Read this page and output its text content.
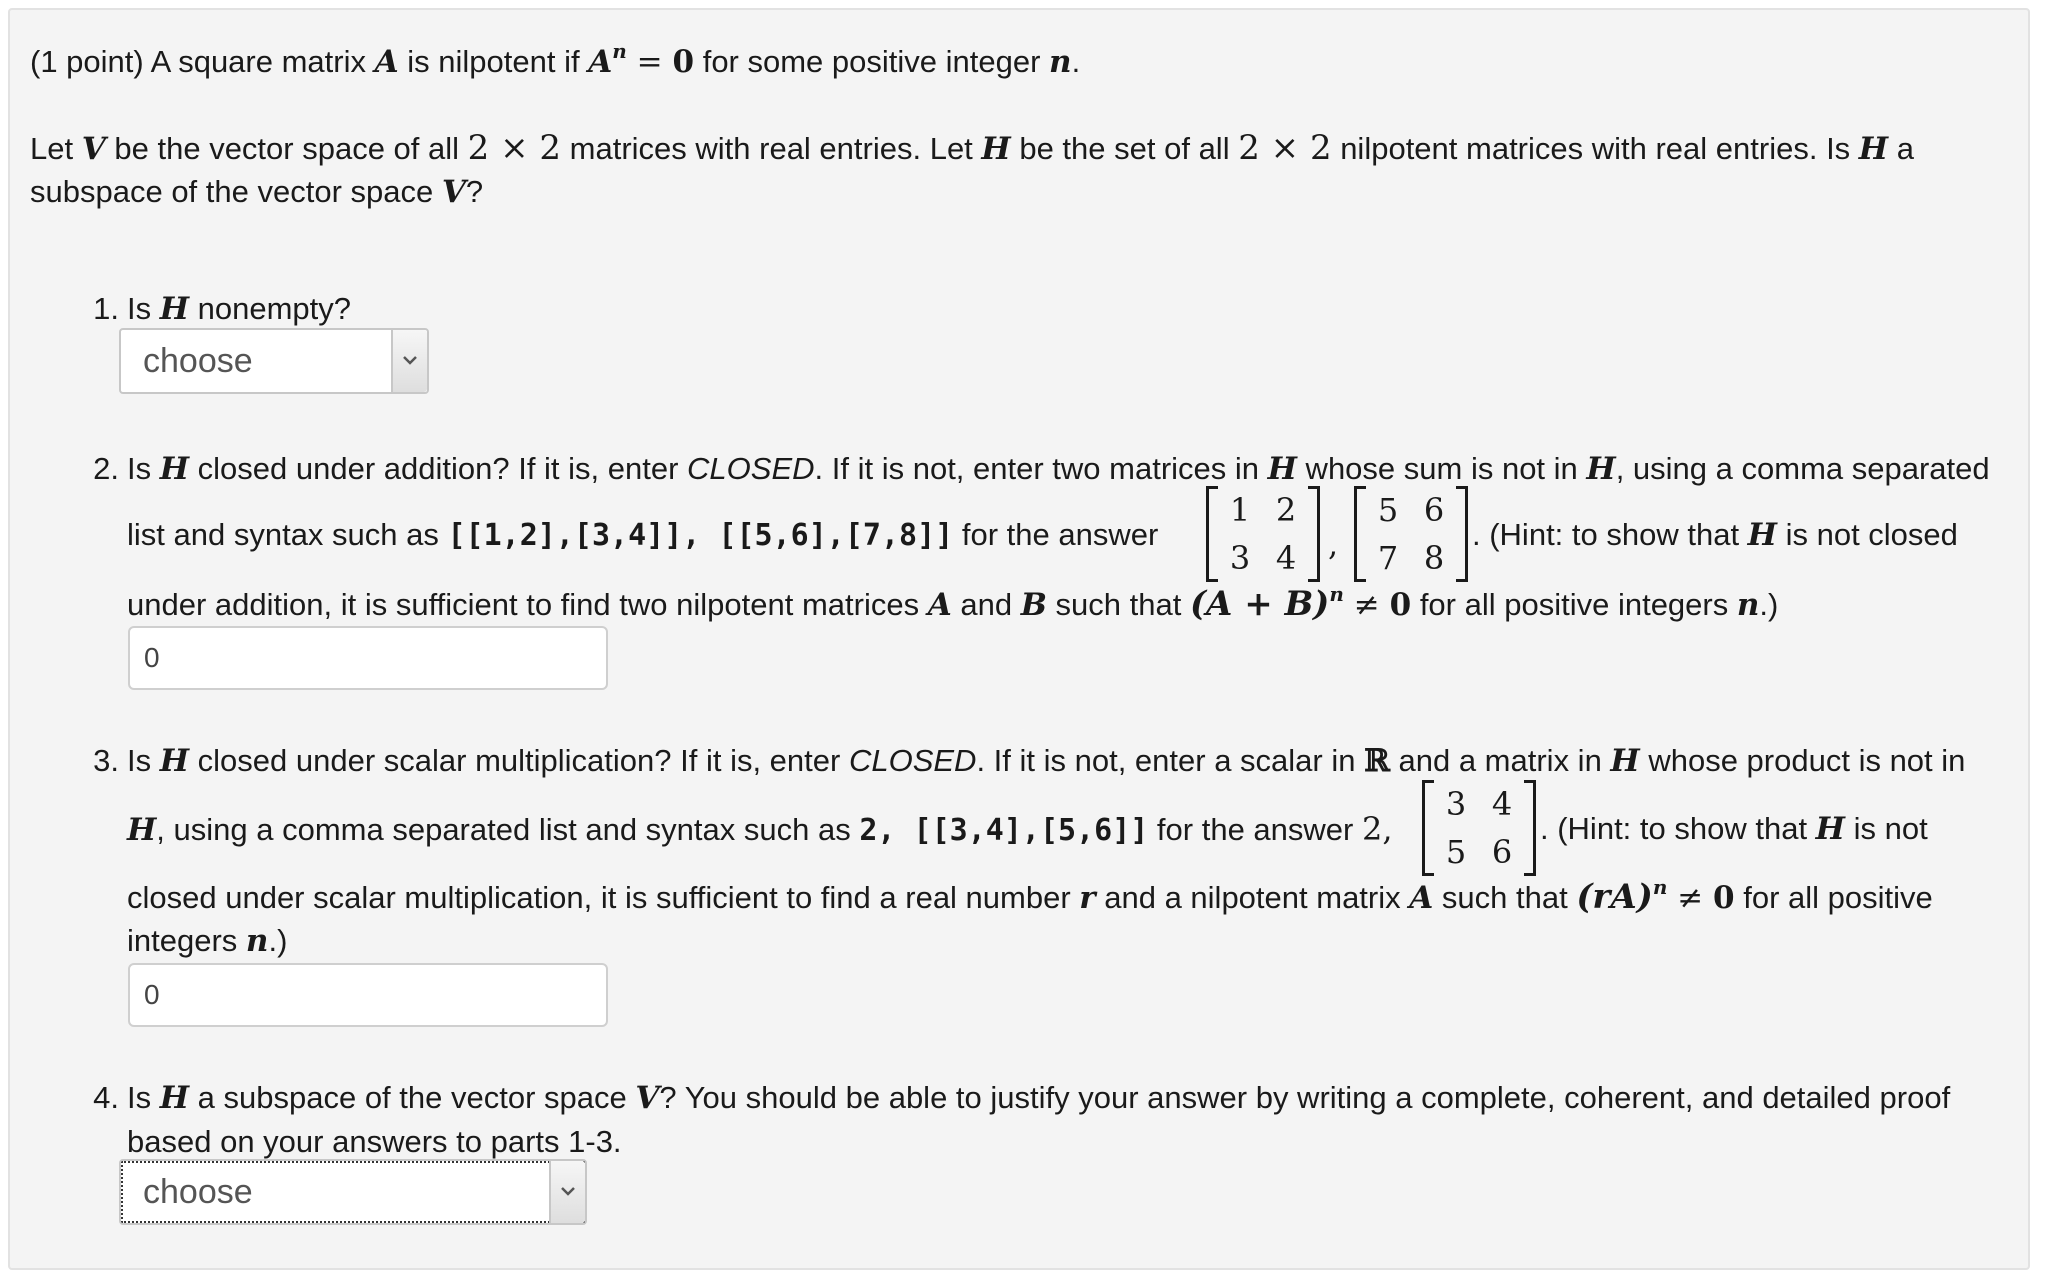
(1 point) A square matrix A is nilpotent if $A^n = 0$ for some positive integer n.

Let V be the vector space of all 2 × 2 matrices with real entries. Let H be the set of all 2 × 2 nilpotent matrices with real entries. Is H a

subspace of the vector space V?

1. Is H nonempty?
choose
2. Is H closed under addition? If it is, enter CLOSED. If it is not, enter two matrices in H whose sum is not in H, using a comma separated
list and syntax such as [[1,2],[3,4]], [[5,6],[7,8]] for the answer
1 2
3 4 ,
5 6
7 8
. (Hint: to show that H is not closed
under addition, it is sufficient to find two nilpotent matrices A and B such that $(A + B)^n \ne 0$ for all positive integers n.)
0
3. Is H closed under scalar multiplication? If it is, enter CLOSED. If it is not, enter a scalar in ℝ and a matrix in H whose product is not in
H, using a comma separated list and syntax such as 2, [[3,4],[5,6]] for the answer 2,
3 4
5 6
. (Hint: to show that H is not
closed under scalar multiplication, it is sufficient to find a real number r and a nilpotent matrix A such that (rA)$^n$ ≠ 0 for all positive
integers n.)
0
4. Is H a subspace of the vector space V? You should be able to justify your answer by writing a complete, coherent, and detailed proof
based on your answers to parts 1-3.
choose
